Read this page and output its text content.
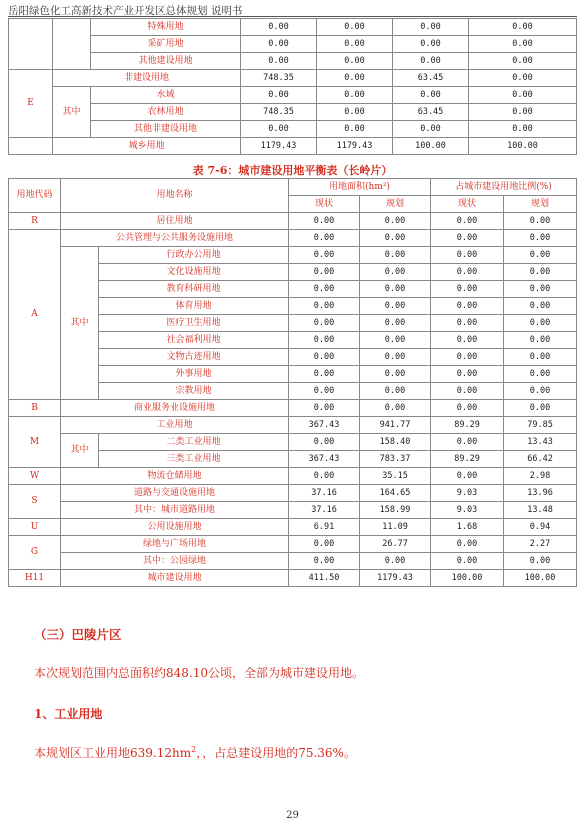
岳阳绿色化工高新技术产业开发区总体规划 说明书
		特殊用地	0.00	0.00	0.00	0.00
		采矿用地	0.00	0.00	0.00	0.00
		其他建设用地	0.00	0.00	0.00	0.00
E	非建设用地		748.35	0.00	63.45	0.00
	其中	水域	0.00	0.00	0.00	0.00
		农林用地	748.35	0.00	63.45	0.00
		其他非建设用地	0.00	0.00	0.00	0.00
	城乡用地		1179.43	1179.43	100.00	100.00
表 7-6：城市建设用地平衡表（长岭片）
用地代码	用地名称		用地面积(hm²)		占城市建设用地比例(%)	
			现状	规划	现状	规划
R	居住用地		0.00	0.00	0.00	0.00
A	公共管理与公共服务设施用地		0.00	0.00	0.00	0.00
	其中	行政办公用地	0.00	0.00	0.00	0.00
		文化设施用地	0.00	0.00	0.00	0.00
		教育科研用地	0.00	0.00	0.00	0.00
		体育用地	0.00	0.00	0.00	0.00
		医疗卫生用地	0.00	0.00	0.00	0.00
		社会福利用地	0.00	0.00	0.00	0.00
		文物古迹用地	0.00	0.00	0.00	0.00
		外事用地	0.00	0.00	0.00	0.00
		宗教用地	0.00	0.00	0.00	0.00
B	商业服务业设施用地		0.00	0.00	0.00	0.00
M	工业用地		367.43	941.77	89.29	79.85
	其中	二类工业用地	0.00	158.40	0.00	13.43
		三类工业用地	367.43	783.37	89.29	66.42
W	物流仓储用地		0.00	35.15	0.00	2.98
S	道路与交通设施用地		37.16	164.65	9.03	13.96
	其中：城市道路用地		37.16	158.99	9.03	13.48
U	公用设施用地		6.91	11.09	1.68	0.94
G	绿地与广场用地		0.00	26.77	0.00	2.27
	其中：公园绿地		0.00	0.00	0.00	0.00
H11	城市建设用地		411.50	1179.43	100.00	100.00
（三）巴陵片区
本次规划范围内总面积约848.10公顷，全部为城市建设用地。
1、工业用地
本规划区工业用地$639.12hm^2$，，占总建设用地的75.36%。
29
